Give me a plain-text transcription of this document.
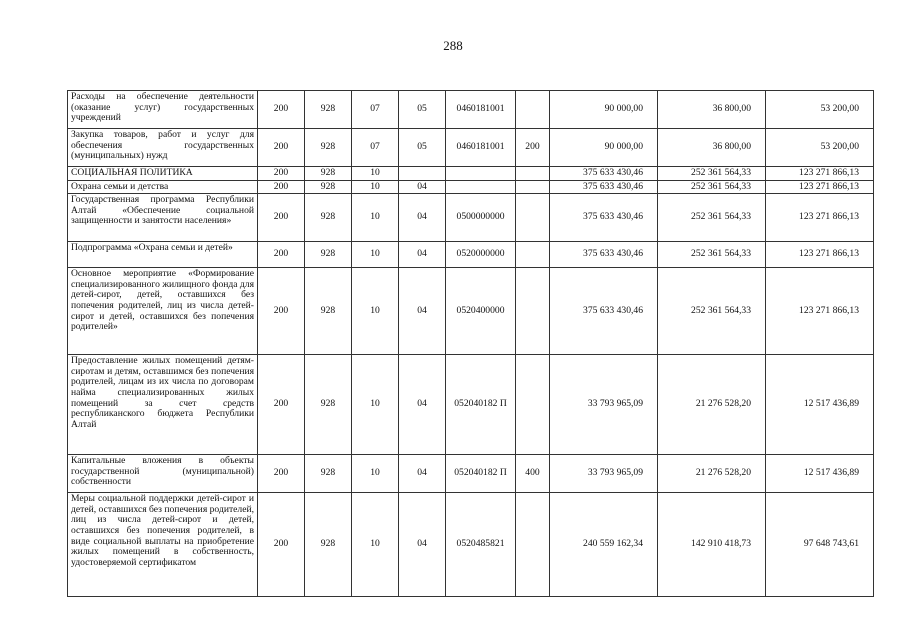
288
Расходы на обеспечение деятельности (оказание услуг) государственных учреждений	200	928	07	05	0460181001		90 000,00	36 800,00	53 200,00
Закупка товаров, работ и услуг для обеспечения государственных (муниципальных) нужд	200	928	07	05	0460181001	200	90 000,00	36 800,00	53 200,00
СОЦИАЛЬНАЯ ПОЛИТИКА	200	928	10				375 633 430,46	252 361 564,33	123 271 866,13
Охрана семьи и детства	200	928	10	04			375 633 430,46	252 361 564,33	123 271 866,13
Государственная программа Республики Алтай «Обеспечение социальной защищенности и занятости населения»	200	928	10	04	0500000000		375 633 430,46	252 361 564,33	123 271 866,13
Подпрограмма «Охрана семьи и детей»	200	928	10	04	0520000000		375 633 430,46	252 361 564,33	123 271 866,13
Основное мероприятие «Формирование специализированного жилищного фонда для детей-сирот, детей, оставшихся без попечения родителей, лиц из числа детей-сирот и детей, оставшихся без попечения родителей»	200	928	10	04	0520400000		375 633 430,46	252 361 564,33	123 271 866,13
Предоставление жилых помещений детям-сиротам и детям, оставшимся без попечения родителей, лицам из их числа по договорам найма специализированных жилых помещений за счет средств республиканского бюджета Республики Алтай	200	928	10	04	052040182 П		33 793 965,09	21 276 528,20	12 517 436,89
Капитальные вложения в объекты государственной (муниципальной) собственности	200	928	10	04	052040182 П	400	33 793 965,09	21 276 528,20	12 517 436,89
Меры социальной поддержки детей-сирот и детей, оставшихся без попечения родителей, лиц из числа детей-сирот и детей, оставшихся без попечения родителей, в виде социальной выплаты на приобретение жилых помещений в собственность, удостоверяемой сертификатом	200	928	10	04	0520485821		240 559 162,34	142 910 418,73	97 648 743,61
